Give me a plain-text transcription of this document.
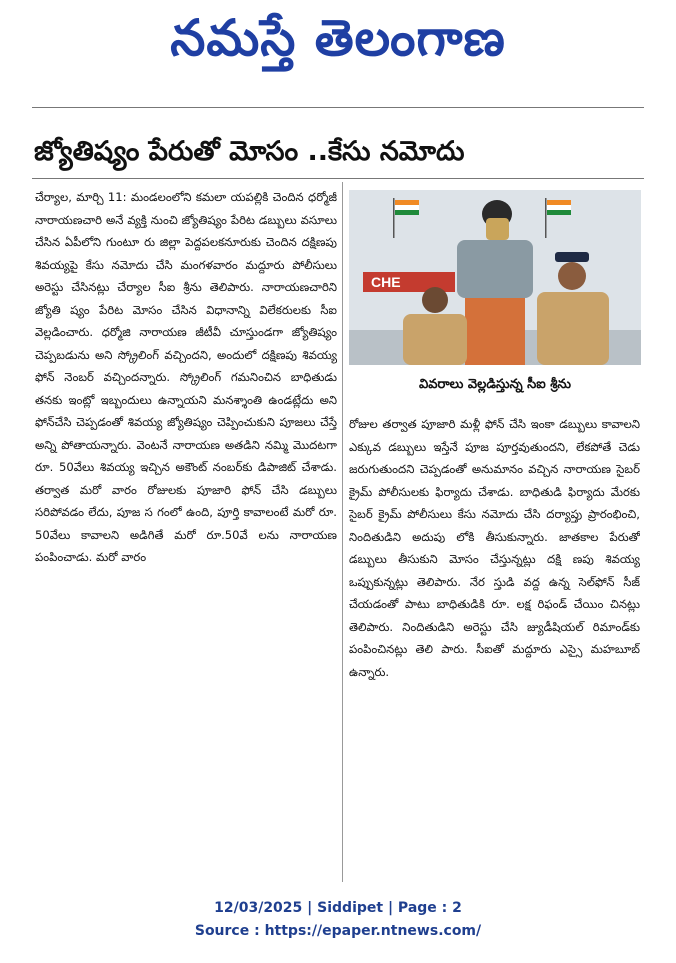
నమస్తే తెలంగాణ
జ్యోతిష్యం పేరుతో మోసం ..కేసు నమోదు

చేర్యాల, మార్చి 11: మండలంలోని కమలా యపల్లికి చెందిన ధర్మోజీ నారాయణచారి అనే వ్యక్తి నుంచి జ్యోతిష్యం పేరిట డబ్బులు వసూలు చేసిన ఏపీలోని గుంటూ రు జిల్లా పెద్దపలకనూరుకు చెందిన దక్షిణపు శివయ్యపై కేసు నమోదు చేసి మంగళవారం మద్దూరు పోలీసులు అరెస్టు చేసినట్లు చేర్యాల సీఐ శ్రీను తెలిపారు. నారాయణచారిని జ్యోతి ష్యం పేరిట మోసం చేసిన విధానాన్ని విలేకరులకు సీఐ వెల్లడించారు. ధర్మోజి నారాయణ జీటీవీ చూస్తుండగా జ్యోతిష్యం చెప్పబడును అని స్క్రోలింగ్ వచ్చిందని, అందులో దక్షిణపు శివయ్య ఫోన్ నెంబర్ వచ్చిందన్నారు. స్క్రోలింగ్ గమనించిన బాధితుడు తనకు ఇంట్లో ఇబ్బందులు ఉన్నాయని మనశ్శాంతి ఉండట్లేదు అని ఫోన్‌చేసి చెప్పడంతో శివయ్య జ్యోతిష్యం చెప్పించుకుని పూజలు చేస్తే అన్ని పోతాయన్నారు. వెంటనే నారాయణ అతడిని నమ్మి మొదటగా రూ. 50వేలు శివయ్య ఇచ్చిన అకౌంట్ నంబర్‌కు డిపాజిట్ చేశాడు. తర్వాత మరో వారం రోజులకు పూజారి ఫోన్ చేసి డబ్బులు సరిపోవడం లేదు, పూజ స గంలో ఉంది, పూర్తి కావాలంటే మరో రూ. 50వేలు కావాలని అడిగితే మరో రూ.50వే లను నారాయణ పంపించాడు. మరో వారం

CHE
వివరాలు వెల్లడిస్తున్న సీఐ శ్రీను

రోజుల తర్వాత పూజారి మళ్లీ ఫోన్ చేసి ఇంకా డబ్బులు కావాలని ఎక్కువ డబ్బులు ఇస్తేనే పూజ పూర్తవుతుందని, లేకపోతే చెడు జరుగుతుందని చెప్పడంతో అనుమానం వచ్చిన నారాయణ సైబర్ క్రైమ్ పోలీసులకు ఫిర్యాదు చేశాడు. బాధితుడి ఫిర్యాదు మేరకు సైబర్ క్రైమ్ పోలీసులు కేసు నమోదు చేసి దర్యాప్తు ప్రారంభించి, నిందితుడిని అదుపు లోకి తీసుకున్నారు. జాతకాల పేరుతో డబ్బులు తీసుకుని మోసం చేస్తున్నట్లు దక్షి ణపు శివయ్య ఒప్పుకున్నట్లు తెలిపారు. నేర స్తుడి వద్ద ఉన్న సెల్‌ఫోన్ సీజ్ చేయడంతో పాటు బాధితుడికి రూ. లక్ష రిఫండ్ చేయిం చినట్లు తెలిపారు. నిందితుడిని అరెస్టు చేసి జ్యుడీషియల్ రిమాండ్‌కు పంపించినట్లు తెలి పారు. సీఐతో మద్దూరు ఎస్సై మహబూబ్ ఉన్నారు.

12/03/2025 | Siddipet | Page : 2
Source : https://epaper.ntnews.com/
